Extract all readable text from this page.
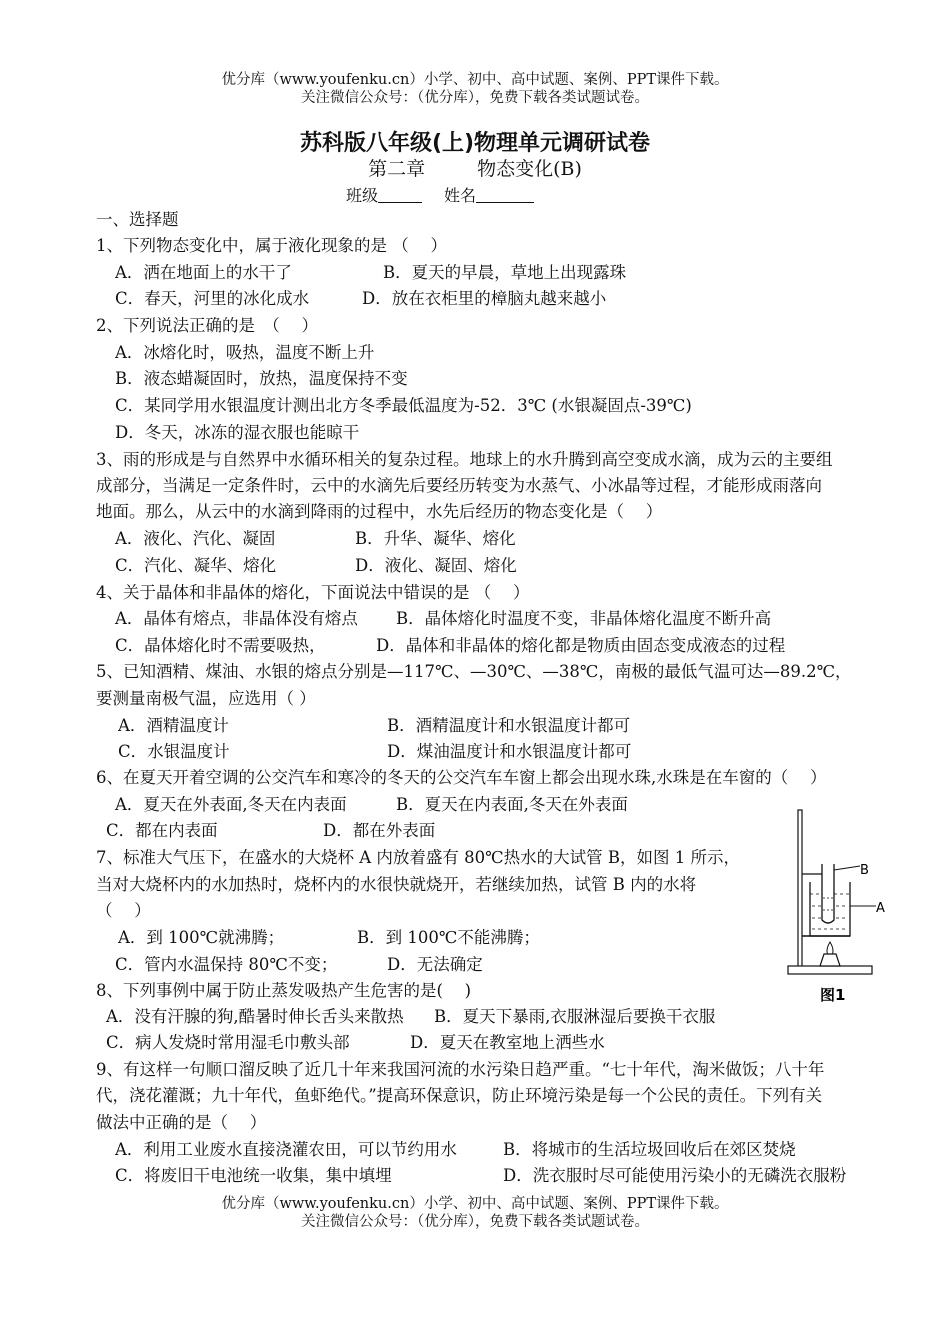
优分库（www.youfenku.cn）小学、初中、高中试题、案例、PPT课件下载。
关注微信公众号：（优分库），免费下载各类试题试卷。
苏科版八年级(上)物理单元调研试卷
第二章	物态变化(B)
班级	姓名
一、选择题
1、下列物态变化中，属于液化现象的是 （　 ）
A．洒在地面上的水干了	B．夏天的早晨，草地上出现露珠
C．春天，河里的冰化成水	D．放在衣柜里的樟脑丸越来越小
2、下列说法正确的是　（　 ）
A．冰熔化时，吸热，温度不断上升
B．液态蜡凝固时，放热，温度保持不变
C．某同学用水银温度计测出北方冬季最低温度为-52．3℃ (水银凝固点-39℃)
D．冬天，冰冻的湿衣服也能晾干
3、雨的形成是与自然界中水循环相关的复杂过程。地球上的水升腾到高空变成水滴，成为云的主要组
成部分，当满足一定条件时，云中的水滴先后要经历转变为水蒸气、小冰晶等过程，才能形成雨落向
地面。那么，从云中的水滴到降雨的过程中，水先后经历的物态变化是（　 ）
A．液化、汽化、凝固	B．升华、凝华、熔化
C．汽化、凝华、熔化	D．液化、凝固、熔化
4、关于晶体和非晶体的熔化，下面说法中错误的是 （　 ）
A．晶体有熔点，非晶体没有熔点 B．晶体熔化时温度不变，非晶体熔化温度不断升高
C．晶体熔化时不需要吸热，	D．晶体和非晶体的熔化都是物质由固态变成液态的过程
5、已知酒精、煤油、水银的熔点分别是—117℃、—30℃、—38℃，南极的最低气温可达—89.2℃，
要测量南极气温，应选用（ ）
A．酒精温度计	B．酒精温度计和水银温度计都可
C．水银温度计	D．煤油温度计和水银温度计都可
6、在夏天开着空调的公交汽车和寒冷的冬天的公交汽车车窗上都会出现水珠,水珠是在车窗的（　 ）
A．夏天在外表面,冬天在内表面	B．夏天在内表面,冬天在外表面
C．都在内表面	D．都在外表面
7、标准大气压下，在盛水的大烧杯 A 内放着盛有 80℃热水的大试管 B，如图 1 所示，
当对大烧杯内的水加热时，烧杯内的水很快就烧开，若继续加热，试管 B 内的水将
（　 ）
A．到 100℃就沸腾；	B．到 100℃不能沸腾；
C．管内水温保持 80℃不变；	D．无法确定
B
A
图1
8、下列事例中属于防止蒸发吸热产生危害的是(　 )
A．没有汗腺的狗,酷暑时伸长舌头来散热 B．夏天下暴雨,衣服淋湿后要换干衣服
C．病人发烧时常用湿毛巾敷头部	D．夏天在教室地上洒些水
9、有这样一句顺口溜反映了近几十年来我国河流的水污染日趋严重。“七十年代，淘米做饭；八十年
代，浇花灌溉；九十年代，鱼虾绝代。”提高环保意识，防止环境污染是每一个公民的责任。下列有关
做法中正确的是（　 ）
A．利用工业废水直接浇灌农田，可以节约用水	B．将城市的生活垃圾回收后在郊区焚烧
C．将废旧干电池统一收集，集中填埋	D．洗衣服时尽可能使用污染小的无磷洗衣服粉
优分库（www.youfenku.cn）小学、初中、高中试题、案例、PPT课件下载。
关注微信公众号：（优分库），免费下载各类试题试卷。
